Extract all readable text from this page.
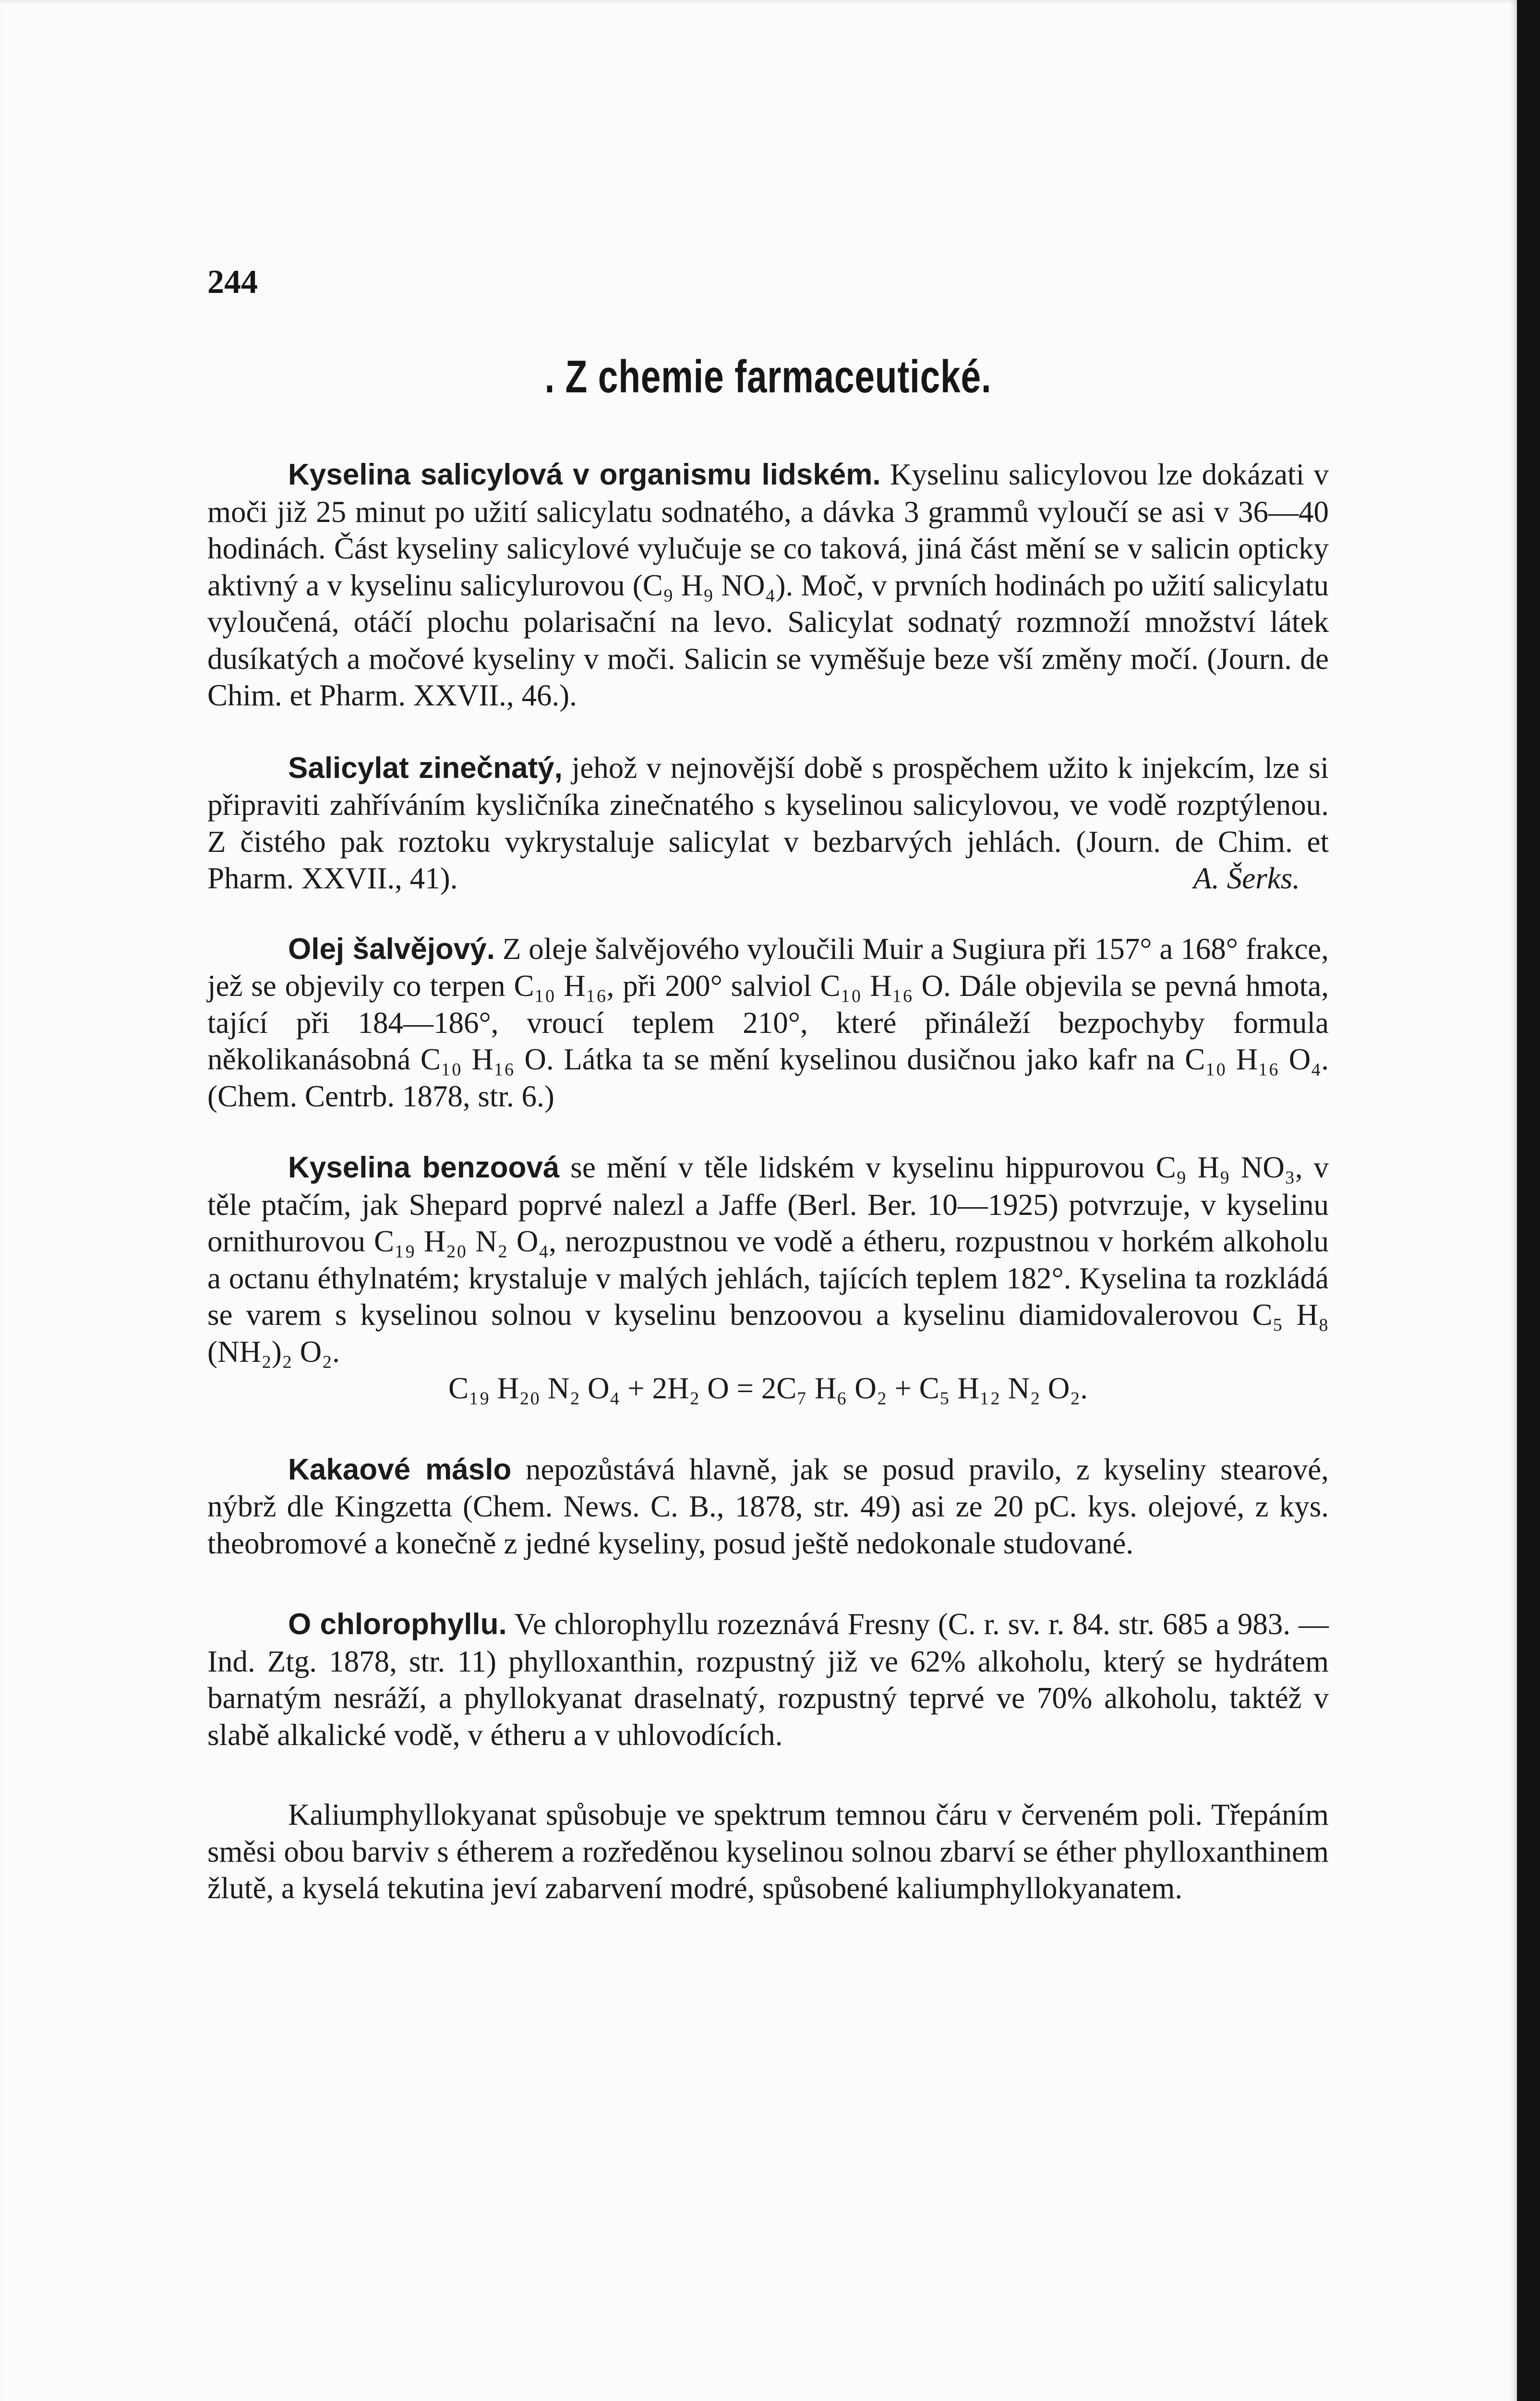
244
. Z chemie farmaceutické.

Kyselina salicylová v organismu lidském. Kyselinu salicylovou lze dokázati v moči již 25 minut po užití salicylatu sodnatého, a dávka 3 grammů vyloučí se asi v 36—40 hodinách. Část kyseliny salicylové vylučuje se co taková, jiná část mění se v salicin opticky aktivný a v kyselinu salicylurovou (C₉ H₉ NO₄). Moč, v prvních hodinách po užití salicylatu vyloučená, otáčí plochu polarisační na levo. Salicylat sodnatý rozmnoží množství látek dusíkatých a močové kyseliny v moči. Salicin se vyměšuje beze vší změny močí. (Journ. de Chim. et Pharm. XXVII., 46.).

Salicylat zinečnatý, jehož v nejnovější době s prospěchem užito k injekcím, lze si připraviti zahříváním kysličníka zinečnatého s kyselinou salicylovou, ve vodě rozptýlenou. Z čistého pak roztoku vykrystaluje salicylat v bezbarvých jehlách. (Journ. de Chim. et Pharm. XXVII., 41).	A. Šerks.

Olej šalvějový. Z oleje šalvějového vyloučili Muir a Sugiura při 157° a 168° frakce, jež se objevily co terpen C₁₀ H₁₆, při 200° salviol C₁₀ H₁₆ O. Dále objevila se pevná hmota, tající při 184—186°, vroucí teplem 210°, které přináleží bezpochyby formula několikanásobná C₁₀ H₁₆ O. Látka ta se mění kyselinou dusičnou jako kafr na C₁₀ H₁₆ O₄. (Chem. Centrb. 1878, str. 6.)

Kyselina benzoová se mění v těle lidském v kyselinu hippurovou C₉ H₉ NO₃, v těle ptačím, jak Shepard poprvé nalezl a Jaffe (Berl. Ber. 10—1925) potvrzuje, v kyselinu ornithurovou C₁₉ H₂₀ N₂ O₄, nerozpustnou ve vodě a étheru, rozpustnou v horkém alkoholu a octanu éthylnatém; krystaluje v malých jehlách, tajících teplem 182°. Kyselina ta rozkládá se varem s kyselinou solnou v kyselinu benzoovou a kyselinu diamidovalerovou C₅ H₈ (NH₂)₂ O₂.

C₁₉ H₂₀ N₂ O₄ + 2H₂ O = 2C₇ H₆ O₂ + C₅ H₁₂ N₂ O₂.

Kakaové máslo nepozůstává hlavně, jak se posud pravilo, z kyseliny stearové, nýbrž dle Kingzetta (Chem. News. C. B., 1878, str. 49) asi ze 20 pC. kys. olejové, z kys. theobromové a konečně z jedné kyseliny, posud ještě nedokonale studované.

O chlorophyllu. Ve chlorophyllu rozeznává Fresny (C. r. sv. r. 84. str. 685 a 983. — Ind. Ztg. 1878, str. 11) phylloxanthin, rozpustný již ve 62% alkoholu, který se hydrátem barnatým nesráží, a phyllokyanat draselnatý, rozpustný teprvé ve 70% alkoholu, taktéž v slabě alkalické vodě, v étheru a v uhlovodících.

Kaliumphyllokyanat spůsobuje ve spektrum temnou čáru v červeném poli. Třepáním směsi obou barviv s étherem a rozředěnou kyselinou solnou zbarví se éther phylloxanthinem žlutě, a kyselá tekutina jeví zabarvení modré, spůsobené kaliumphyllokyanatem.
